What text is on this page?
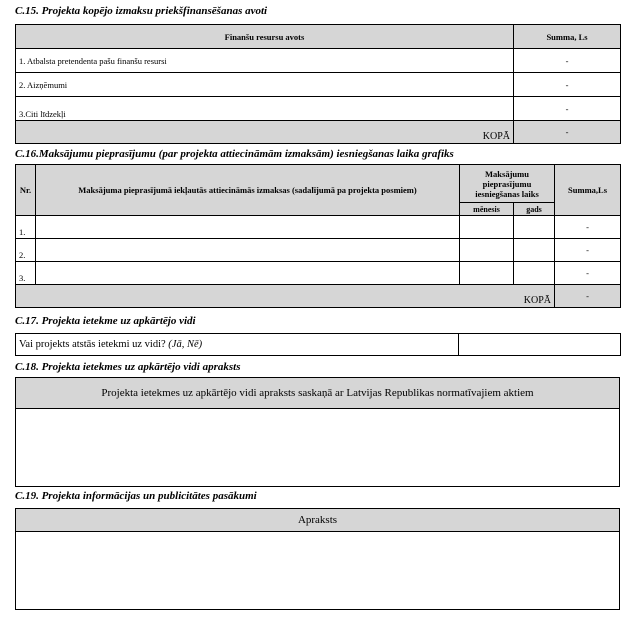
C.15. Projekta kopējo izmaksu priekšfinansēšanas avoti
Finanšu resursu avots	Summa, Ls
1. Atbalsta pretendenta pašu finanšu resursi	-
2. Aizņēmumi	-
3.Citi līdzekļi	-
KOPĀ	-
C.16.Maksājumu pieprasījumu (par projekta attiecināmām izmaksām) iesniegšanas laika grafiks
Nr.	Maksājuma pieprasījumā iekļautās attiecināmās izmaksas (sadalījumā pa projekta posmiem)	Maksājumu pieprasījumu iesniegšanas laiks		Summa,Ls
		mēnesis	gads	
1.				-
2.				-
3.				-
KOPĀ				-
C.17. Projekta ietekme uz apkārtējo vidi
Vai projekts atstās ietekmi uz vidi? (Jā, Nē)	
C.18. Projekta ietekmes uz apkārtējo vidi apraksts
Projekta ietekmes uz apkārtējo vidi apraksts saskaņā ar Latvijas Republikas normatīvajiem aktiem

C.19. Projekta informācijas un publicitātes pasākumi
Apraksts
